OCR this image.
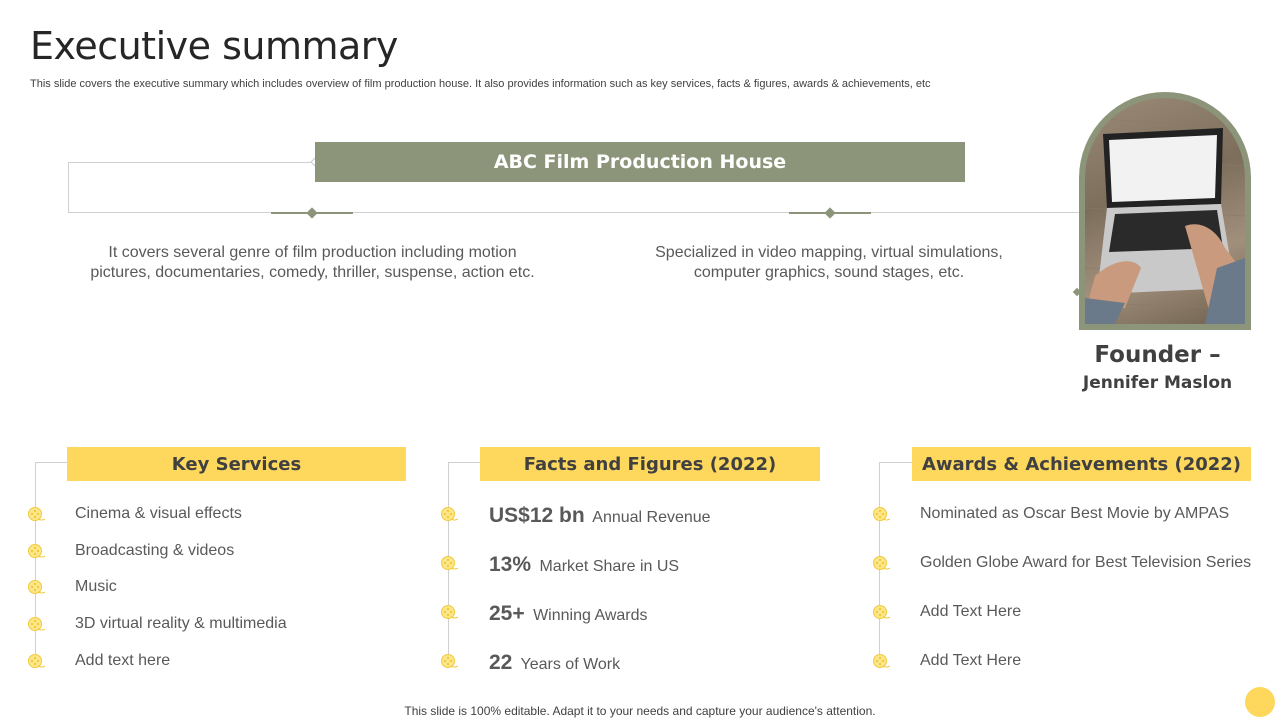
Executive summary

This slide covers the executive summary which includes overview of film production house. It also provides information such as key services, facts & figures, awards & achievements, etc

ABC Film Production House
It covers several genre of film production including motion pictures, documentaries, comedy, thriller, suspense, action etc.
Specialized in video mapping, virtual simulations, computer graphics, sound stages, etc.
Founder –
Jennifer Maslon
Key Services
Cinema & visual effects
Broadcasting & videos
Music
3D virtual reality & multimedia
Add text here
Facts and Figures (2022)
US$12 bn Annual Revenue
13% Market Share in US
25+ Winning Awards
22 Years of Work
Awards & Achievements (2022)
Nominated as Oscar Best Movie by AMPAS
Golden Globe Award for Best Television Series
Add Text Here
Add Text Here
This slide is 100% editable. Adapt it to your needs and capture your audience's attention.
